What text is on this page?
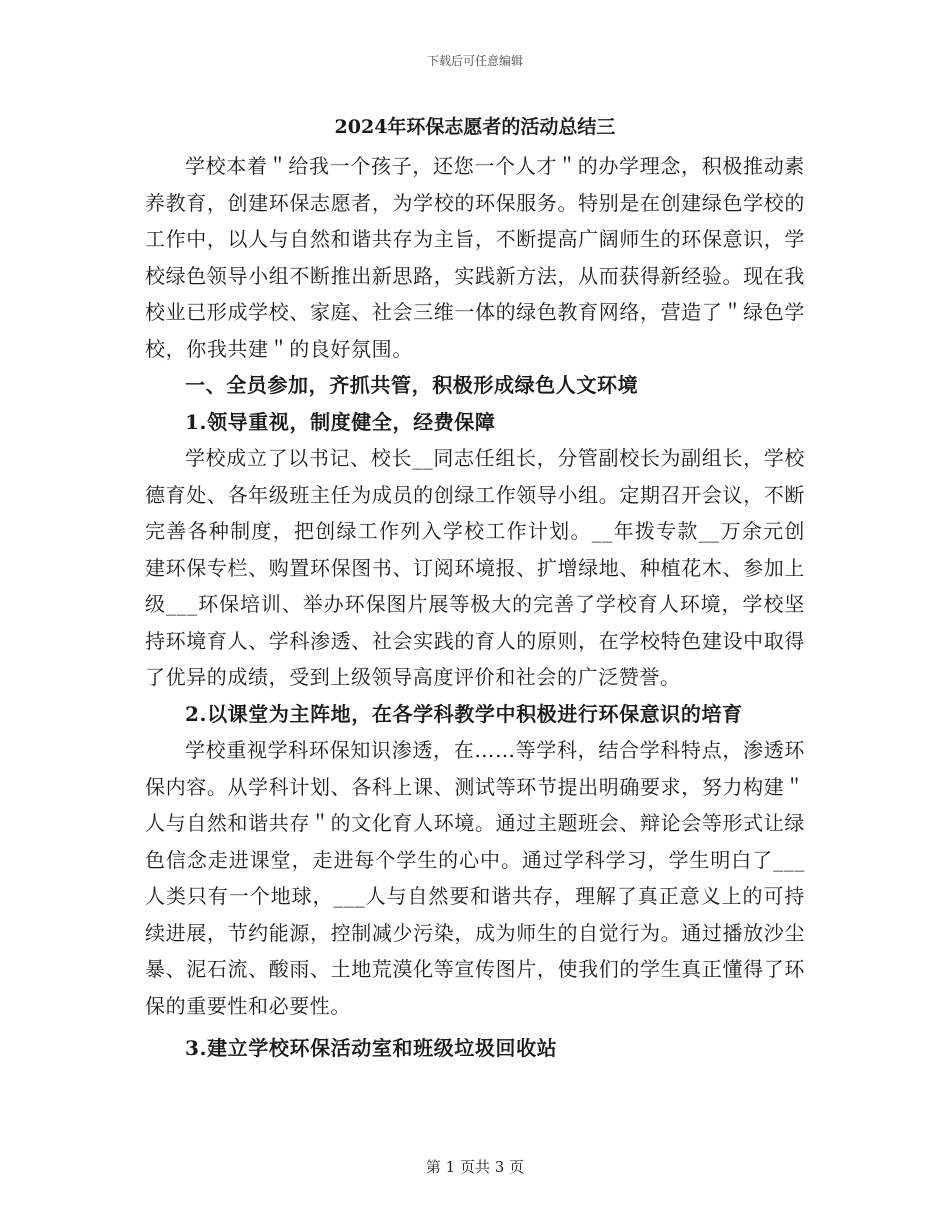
下载后可任意编辑
2024年环保志愿者的活动总结三

学校本着＂给我一个孩子，还您一个人才＂的办学理念，积极推动素养教育，创建环保志愿者，为学校的环保服务。特别是在创建绿色学校的工作中，以人与自然和谐共存为主旨，不断提高广阔师生的环保意识，学校绿色领导小组不断推出新思路，实践新方法，从而获得新经验。现在我校业已形成学校、家庭、社会三维一体的绿色教育网络，营造了＂绿色学校，你我共建＂的良好氛围。

一、全员参加，齐抓共管，积极形成绿色人文环境

1.领导重视，制度健全，经费保障

学校成立了以书记、校长__同志任组长，分管副校长为副组长，学校德育处、各年级班主任为成员的创绿工作领导小组。定期召开会议，不断完善各种制度，把创绿工作列入学校工作计划。__年拨专款__万余元创建环保专栏、购置环保图书、订阅环境报、扩增绿地、种植花木、参加上级___环保培训、举办环保图片展等极大的完善了学校育人环境，学校坚持环境育人、学科渗透、社会实践的育人的原则，在学校特色建设中取得了优异的成绩，受到上级领导高度评价和社会的广泛赞誉。

2.以课堂为主阵地，在各学科教学中积极进行环保意识的培育

学校重视学科环保知识渗透，在……等学科，结合学科特点，渗透环保内容。从学科计划、各科上课、测试等环节提出明确要求，努力构建＂人与自然和谐共存＂的文化育人环境。通过主题班会、辩论会等形式让绿色信念走进课堂，走进每个学生的心中。通过学科学习，学生明白了___人类只有一个地球，___人与自然要和谐共存，理解了真正意义上的可持续进展，节约能源，控制减少污染，成为师生的自觉行为。通过播放沙尘暴、泥石流、酸雨、土地荒漠化等宣传图片，使我们的学生真正懂得了环保的重要性和必要性。

3.建立学校环保活动室和班级垃圾回收站

第 1 页共 3 页
